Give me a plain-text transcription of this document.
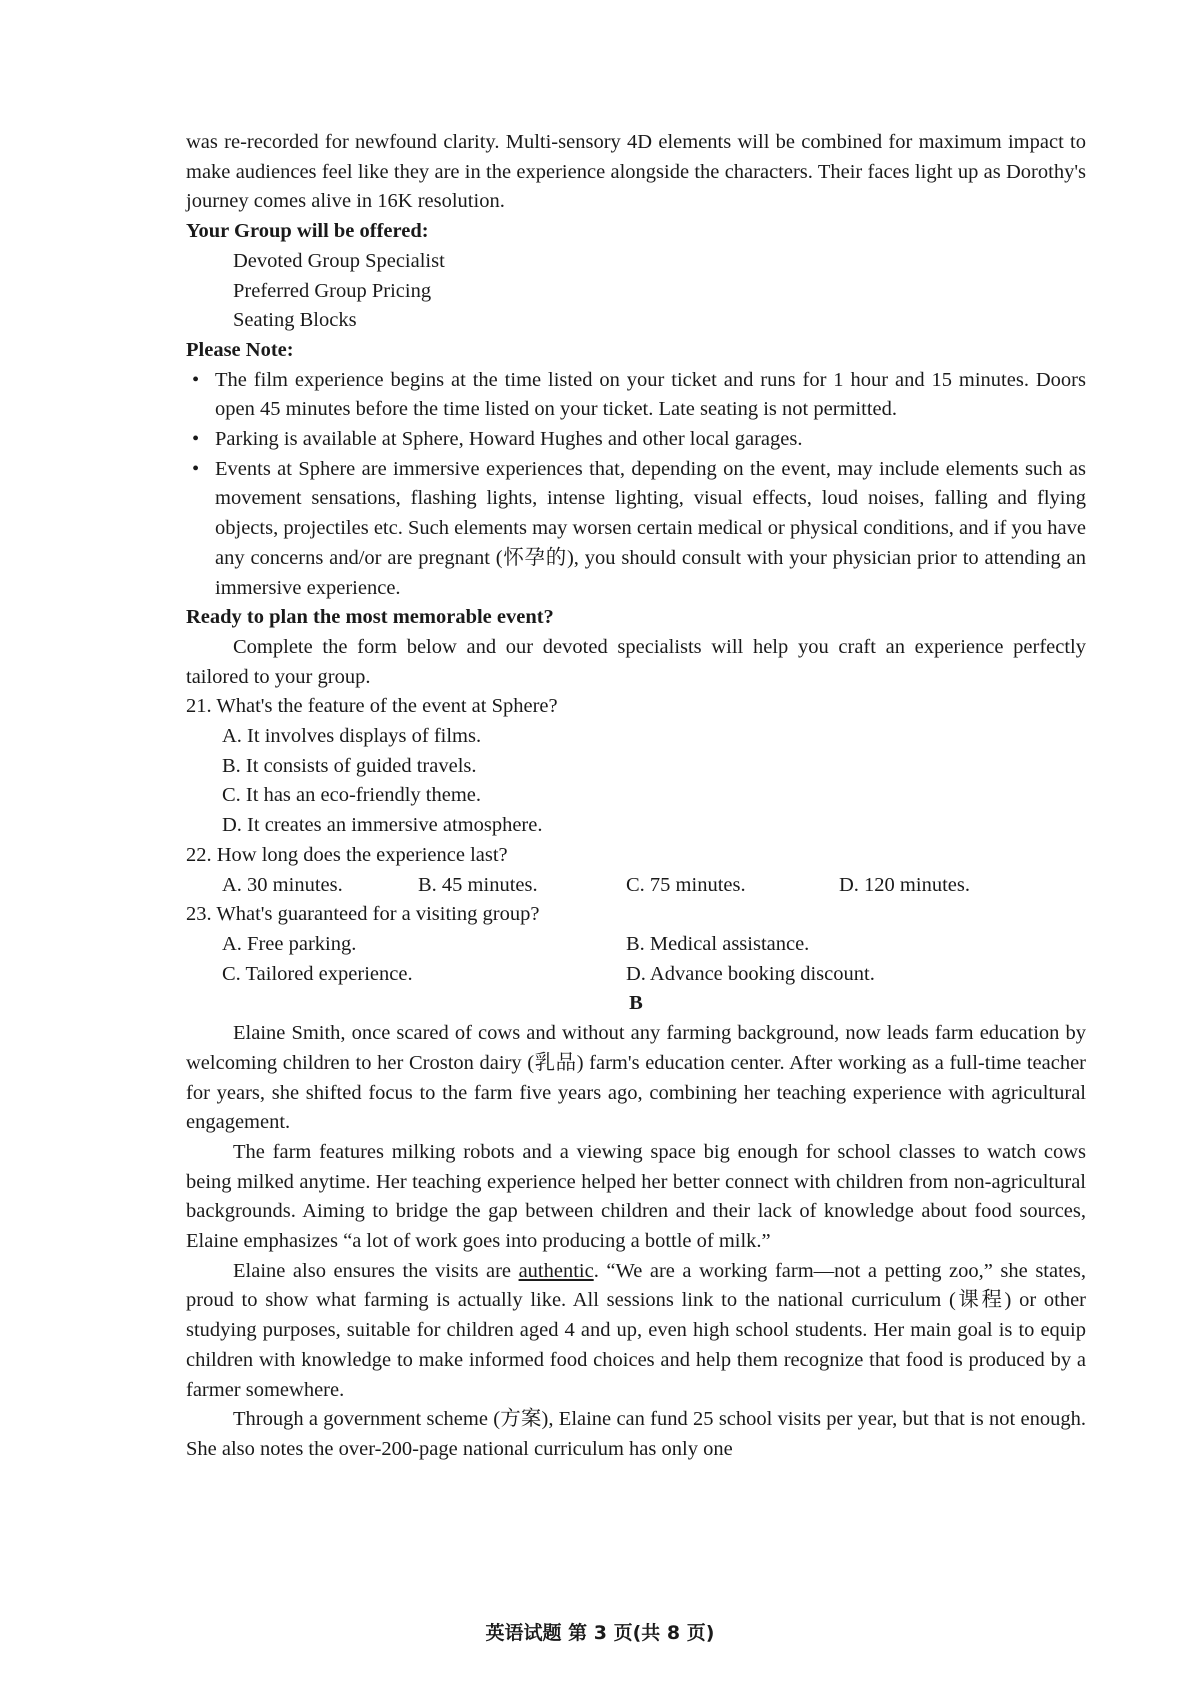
was re-recorded for newfound clarity. Multi-sensory 4D elements will be combined for maximum impact to make audiences feel like they are in the experience alongside the characters. Their faces light up as Dorothy's journey comes alive in 16K resolution.

Your Group will be offered:
Devoted Group Specialist
Preferred Group Pricing
Seating Blocks
Please Note:
• The film experience begins at the time listed on your ticket and runs for 1 hour and 15 minutes. Doors open 45 minutes before the time listed on your ticket. Late seating is not permitted.
• Parking is available at Sphere, Howard Hughes and other local garages.
• Events at Sphere are immersive experiences that, depending on the event, may include elements such as movement sensations, flashing lights, intense lighting, visual effects, loud noises, falling and flying objects, projectiles etc. Such elements may worsen certain medical or physical conditions, and if you have any concerns and/or are pregnant (怀孕的), you should consult with your physician prior to attending an immersive experience.
Ready to plan the most memorable event?

Complete the form below and our devoted specialists will help you craft an experience perfectly tailored to your group.

21. What's the feature of the event at Sphere?
A. It involves displays of films.
B. It consists of guided travels.
C. It has an eco-friendly theme.
D. It creates an immersive atmosphere.
22. How long does the experience last?
A. 30 minutes.	B. 45 minutes.	C. 75 minutes.	D. 120 minutes.
23. What's guaranteed for a visiting group?
A. Free parking.	B. Medical assistance.
C. Tailored experience.	D. Advance booking discount.
B

Elaine Smith, once scared of cows and without any farming background, now leads farm education by welcoming children to her Croston dairy (乳品) farm's education center. After working as a full-time teacher for years, she shifted focus to the farm five years ago, combining her teaching experience with agricultural engagement.

The farm features milking robots and a viewing space big enough for school classes to watch cows being milked anytime. Her teaching experience helped her better connect with children from non-agricultural backgrounds. Aiming to bridge the gap between children and their lack of knowledge about food sources, Elaine emphasizes “a lot of work goes into producing a bottle of milk.”

Elaine also ensures the visits are authentic. “We are a working farm—not a petting zoo,” she states, proud to show what farming is actually like. All sessions link to the national curriculum (课程) or other studying purposes, suitable for children aged 4 and up, even high school students. Her main goal is to equip children with knowledge to make informed food choices and help them recognize that food is produced by a farmer somewhere.

Through a government scheme (方案), Elaine can fund 25 school visits per year, but that is not enough. She also notes the over-200-page national curriculum has only one

英语试题 第 3 页(共 8 页)
